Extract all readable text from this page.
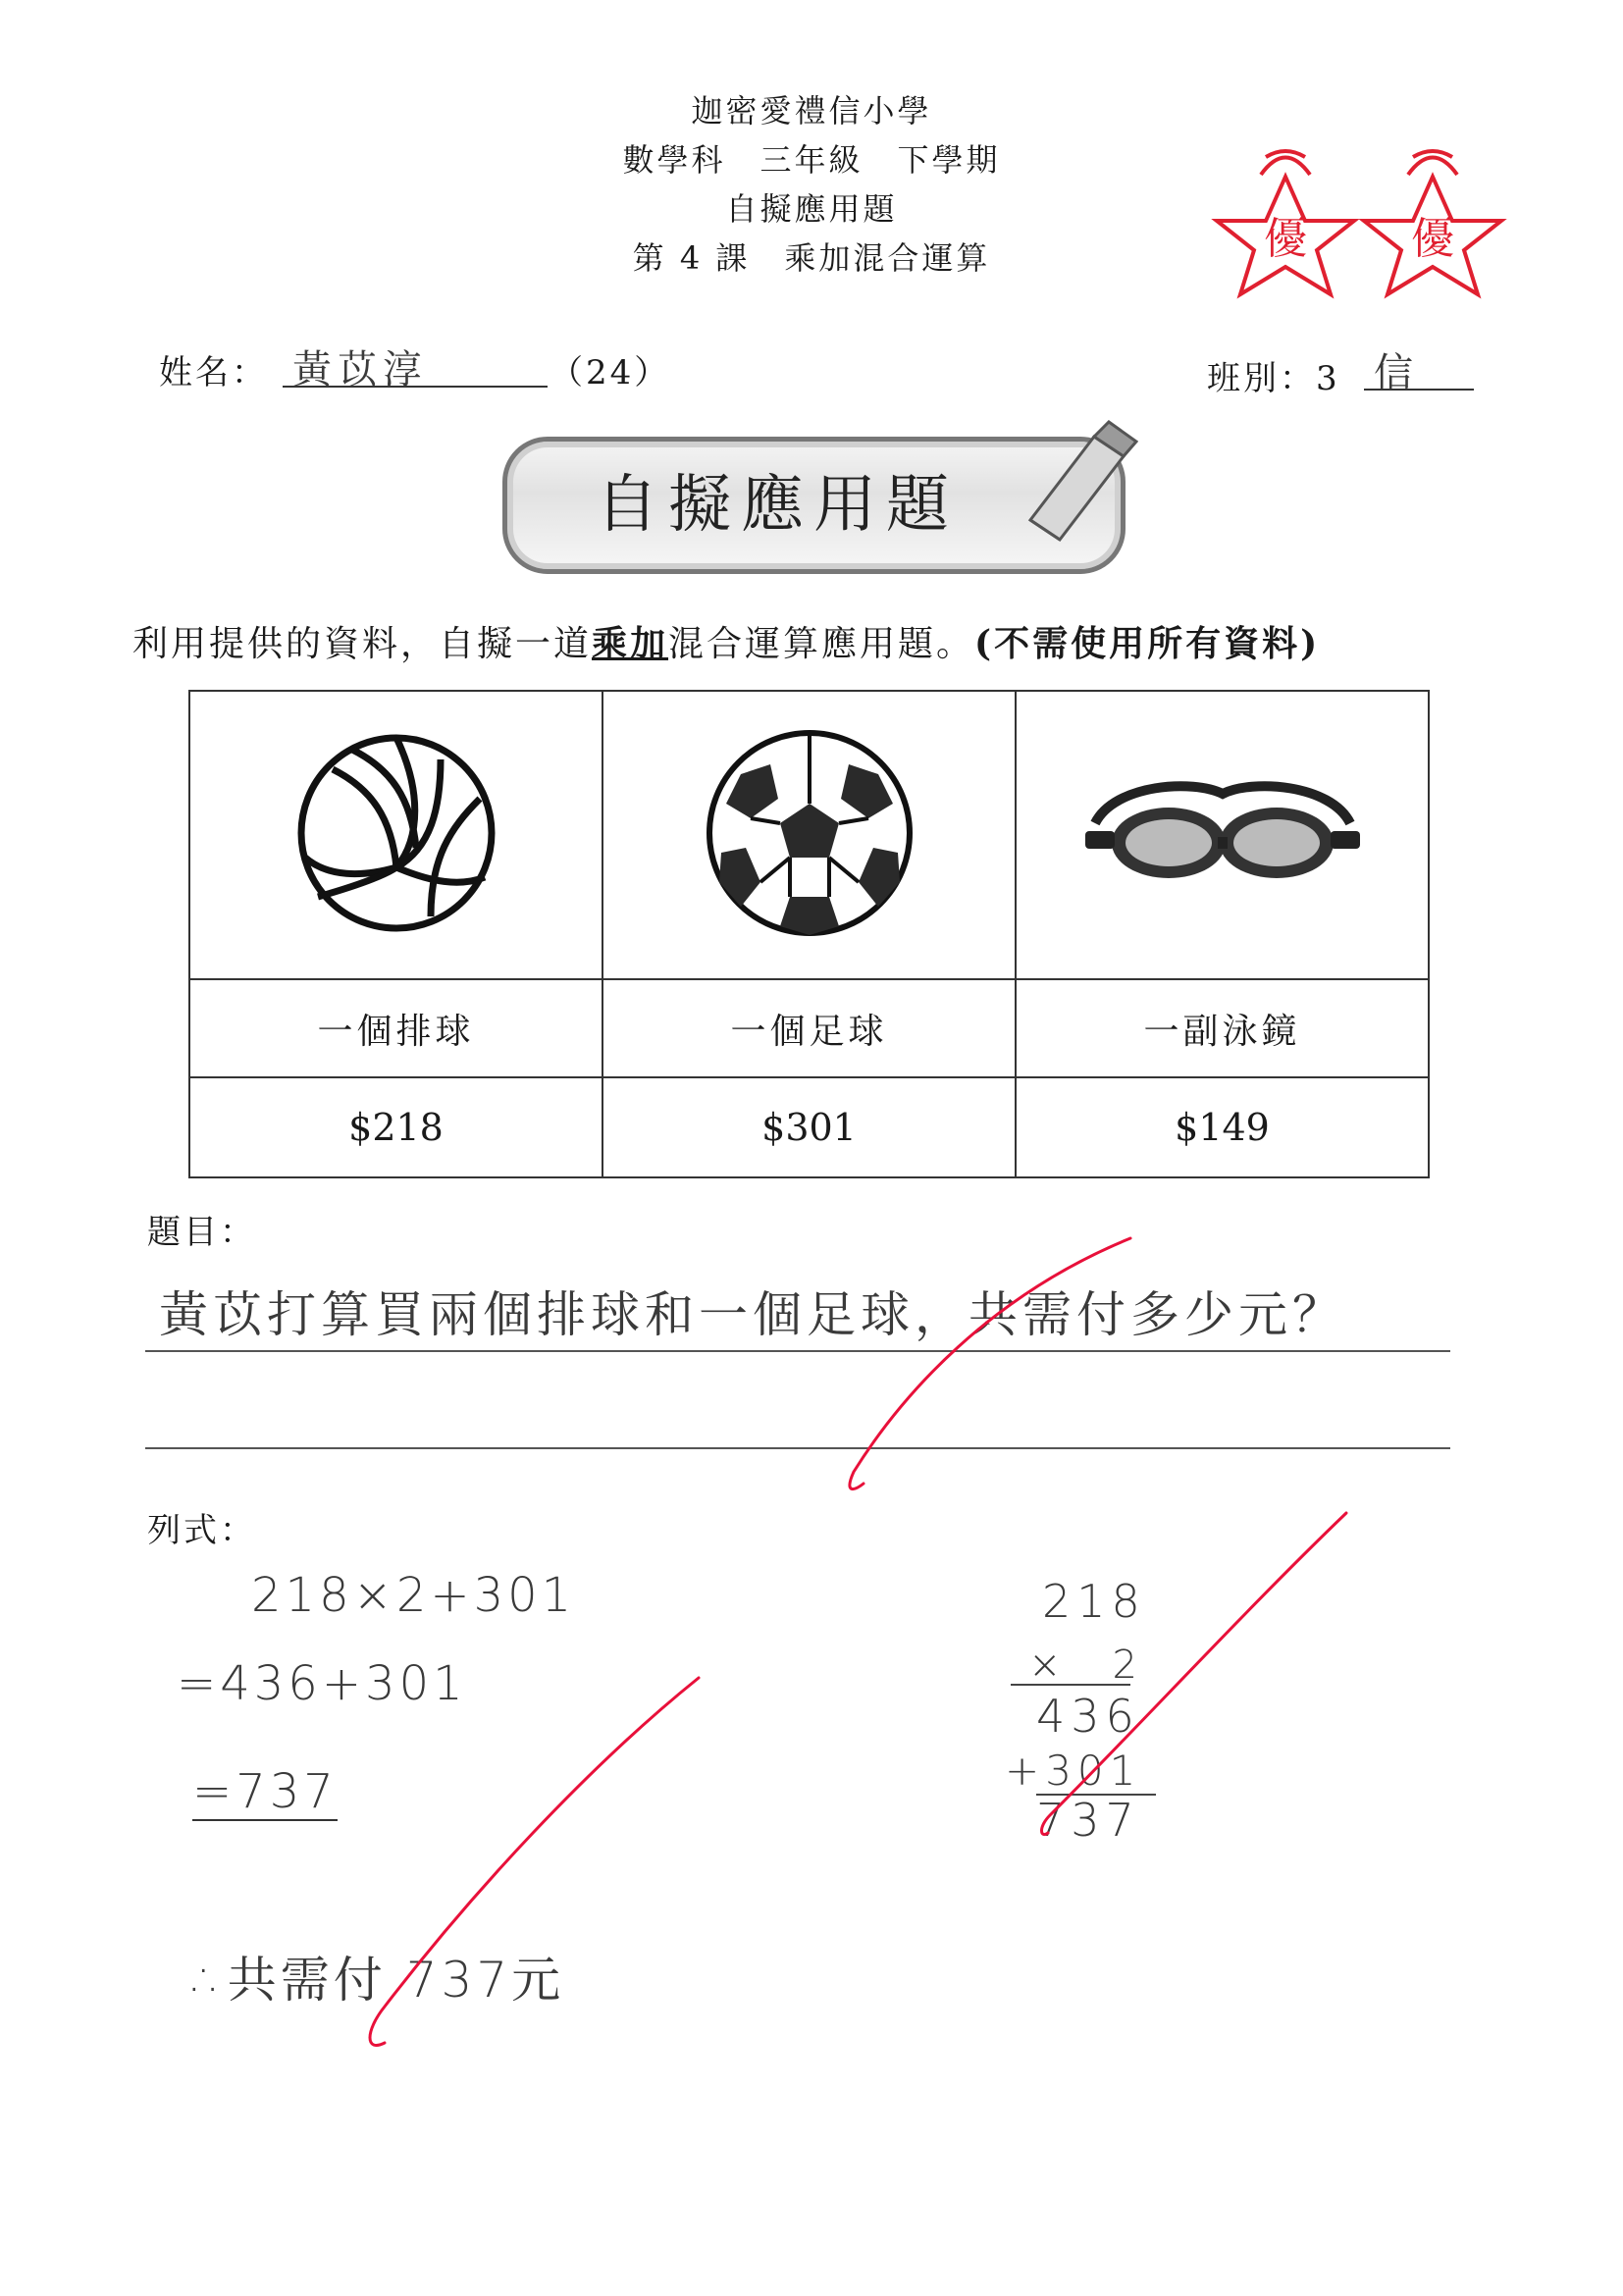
迦密愛禮信小學
數學科　三年級　下學期
自擬應用題
第 4 課　乘加混合運算	優 優
姓名： 黃苡淳	（24）	班別：3 信
自擬應用題
利用提供的資料，自擬一道乘加混合運算應用題。(不需使用所有資料)

一個排球	一個足球	一副泳鏡
$218	$301	$149
題目：
黃苡打算買兩個排球和一個足球，共需付多少元？
列式：
218×2+301
=436+301
=737
∴共需付 737元
218
×　2
436
+301
737
